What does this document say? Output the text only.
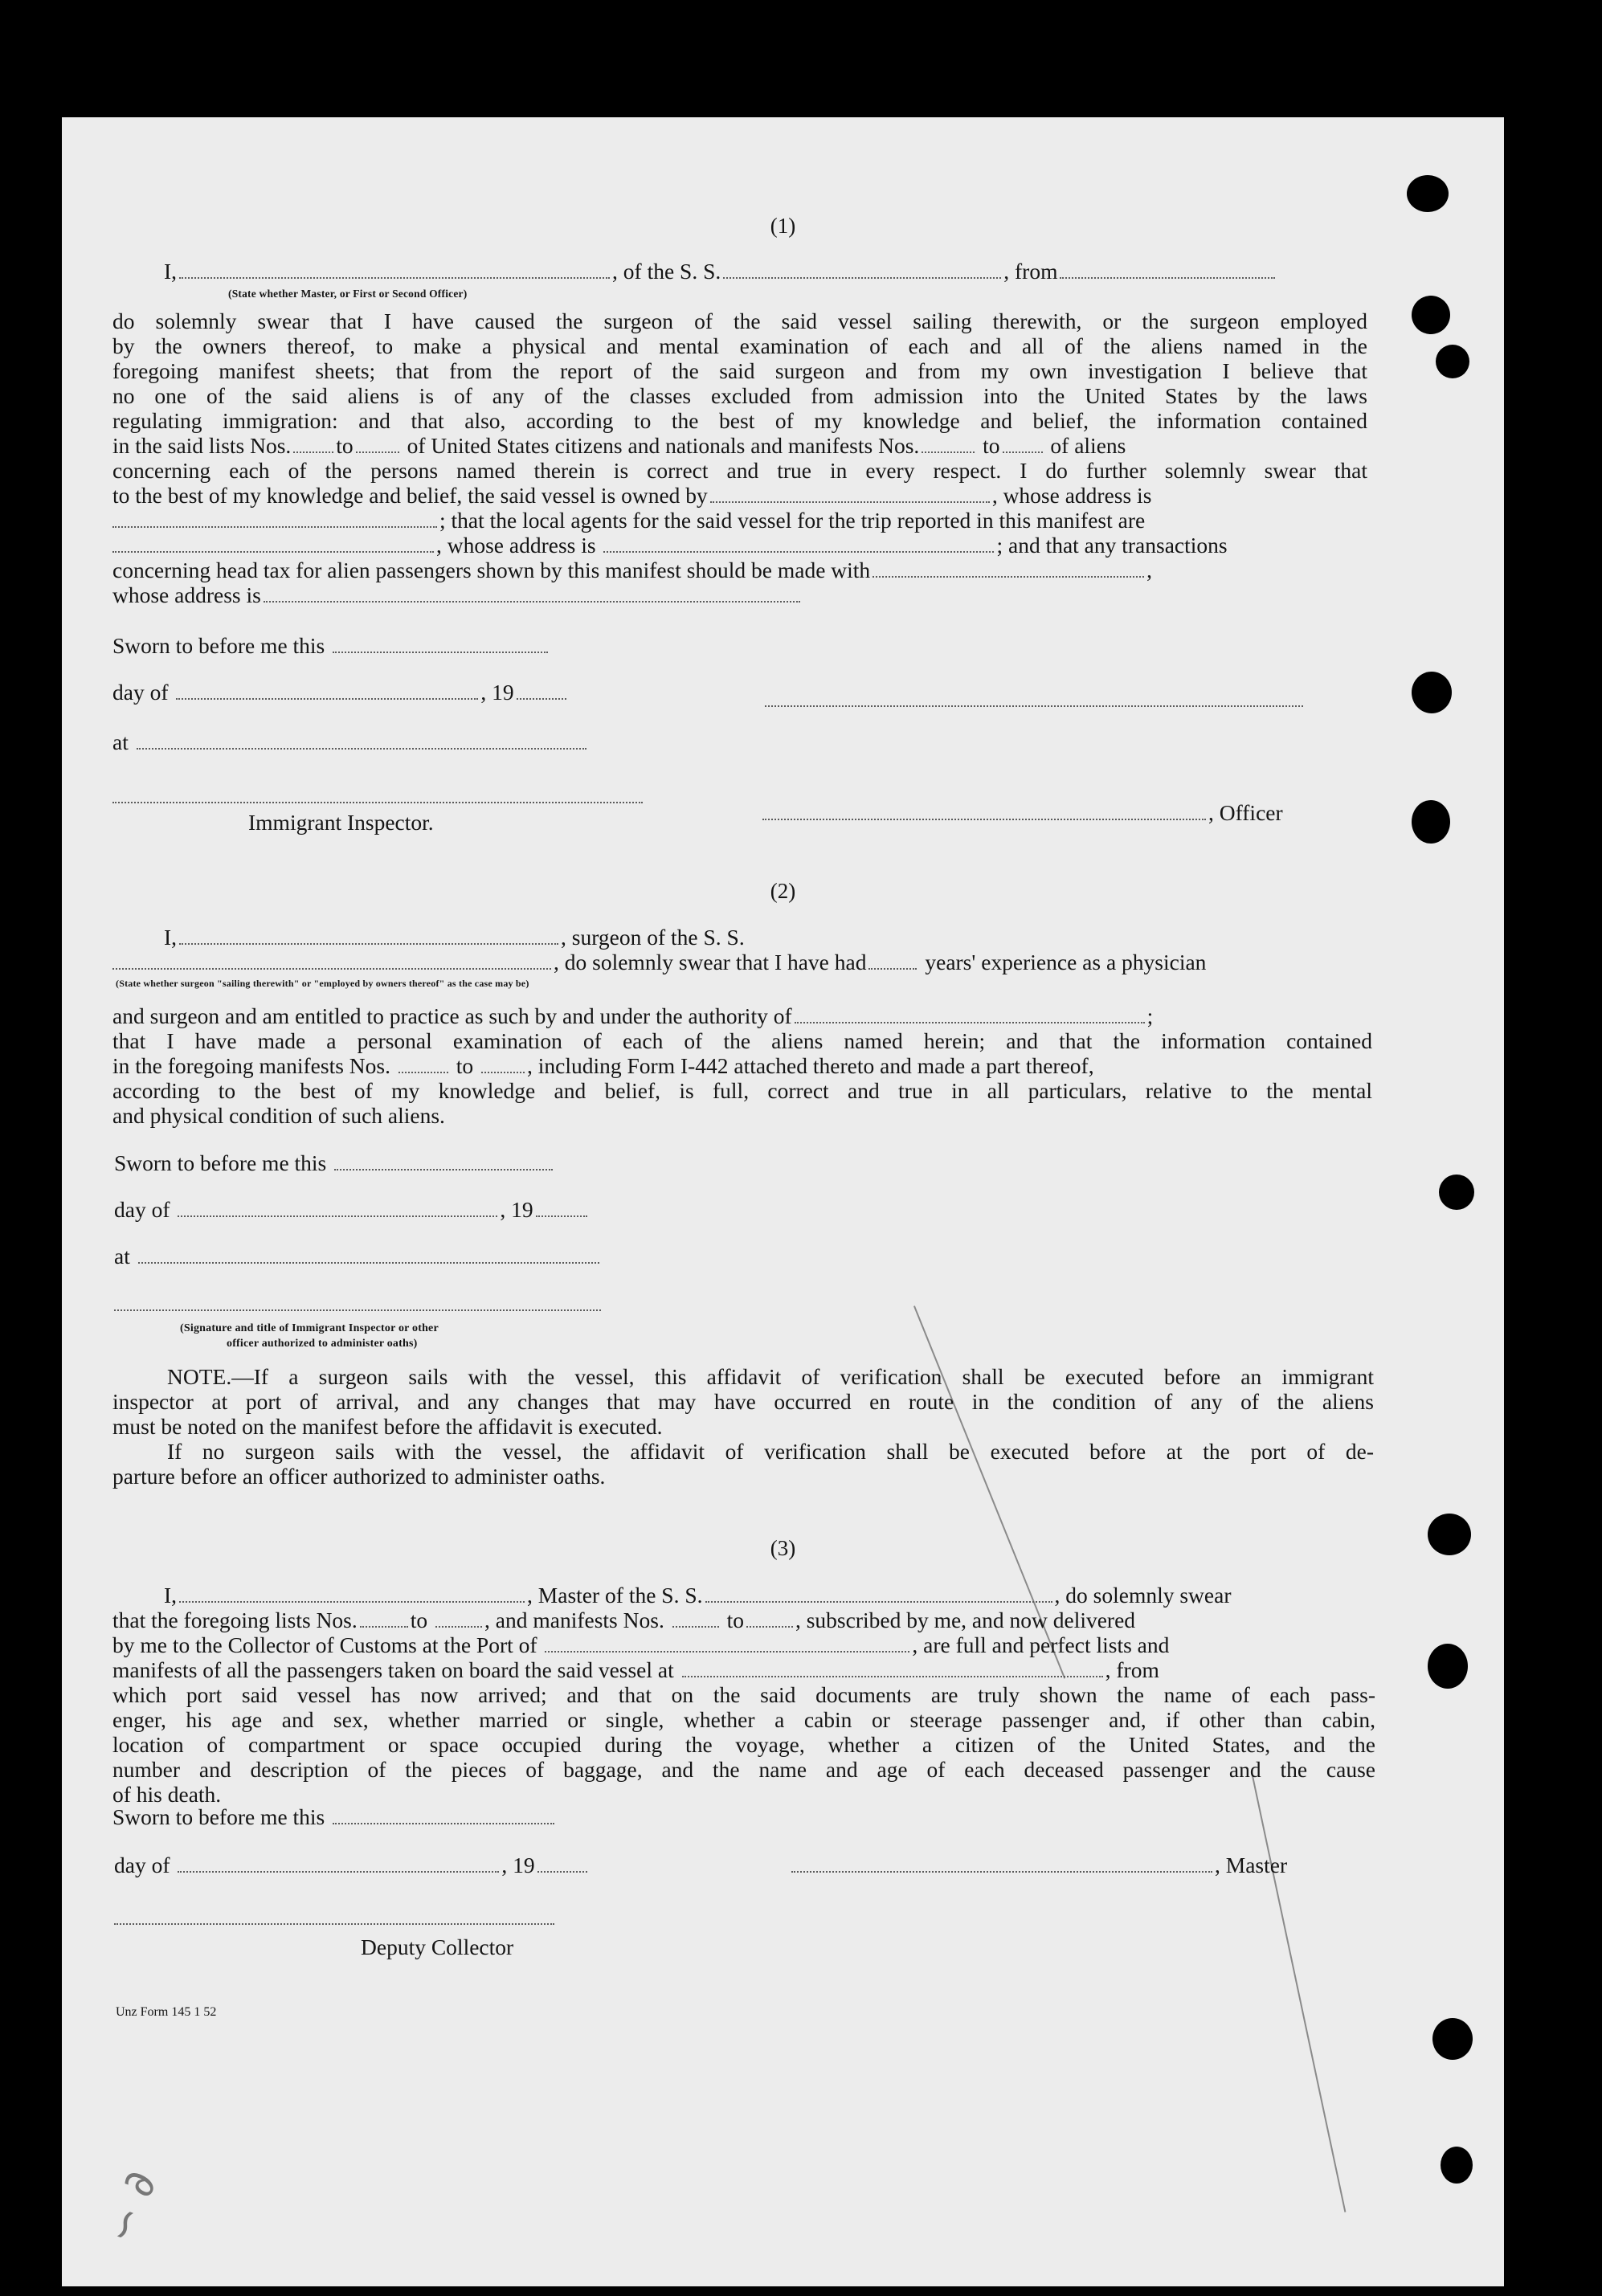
∽ ∂
(1)
I,	, of the S. S.	, from
(State whether Master, or First or Second Officer)
do solemnly swear that I have caused the surgeon of the said vessel sailing therewith, or the surgeon employed
by the owners thereof, to make a physical and mental examination of each and all of the aliens named in the
foregoing manifest sheets; that from the report of the said surgeon and from my own investigation I believe that
no one of the said aliens is of any of the classes excluded from admission into the United States by the laws
regulating immigration: and that also, according to the best of my knowledge and belief, the information contained
in the said lists Nos. to of United States citizens and nationals and manifests Nos.	to of aliens
concerning each of the persons named therein is correct and true in every respect. I do further solemnly swear that
to the best of my knowledge and belief, the said vessel is owned by	, whose address is
; that the local agents for the said vessel for the trip reported in this manifest are
, whose address is	; and that any transactions
concerning head tax for alien passengers shown by this manifest should be made with	,
whose address is
Sworn to before me this
day of	, 19
at
Immigrant Inspector.	, Officer
(2)
I,	, surgeon of the S. S.
, do solemnly swear that I have had	years' experience as a physician
(State whether surgeon "sailing therewith" or "employed by owners thereof" as the case may be)
and surgeon and am entitled to practice as such by and under the authority of	;
that I have made a personal examination of each of the aliens named herein; and that the information contained
in the foregoing manifests Nos.	to , including Form I-442 attached thereto and made a part thereof,
according to the best of my knowledge and belief, is full, correct and true in all particulars, relative to the mental
and physical condition of such aliens.
Sworn to before me this
day of	, 19
at
(Signature and title of Immigrant Inspector or other
officer authorized to administer oaths)
NOTE.—If a surgeon sails with the vessel, this affidavit of verification shall be executed before an immigrant
inspector at port of arrival, and any changes that may have occurred en route in the condition of any of the aliens
must be noted on the manifest before the affidavit is executed.
If no surgeon sails with the vessel, the affidavit of verification shall be executed before at the port of de-
parture before an officer authorized to administer oaths.
(3)
I,	, Master of the S. S.	, do solemnly swear
that the foregoing lists Nos. to	, and manifests Nos.	to , subscribed by me, and now delivered
by me to the Collector of Customs at the Port of	, are full and perfect lists and
manifests of all the passengers taken on board the said vessel at	, from
which port said vessel has now arrived; and that on the said documents are truly shown the name of each pass-
enger, his age and sex, whether married or single, whether a cabin or steerage passenger and, if other than cabin,
location of compartment or space occupied during the voyage, whether a citizen of the United States, and the
number and description of the pieces of baggage, and the name and age of each deceased passenger and the cause
of his death.
Sworn to before me this
day of	, 19	, Master
Deputy Collector
Unz Form 145 1 52
